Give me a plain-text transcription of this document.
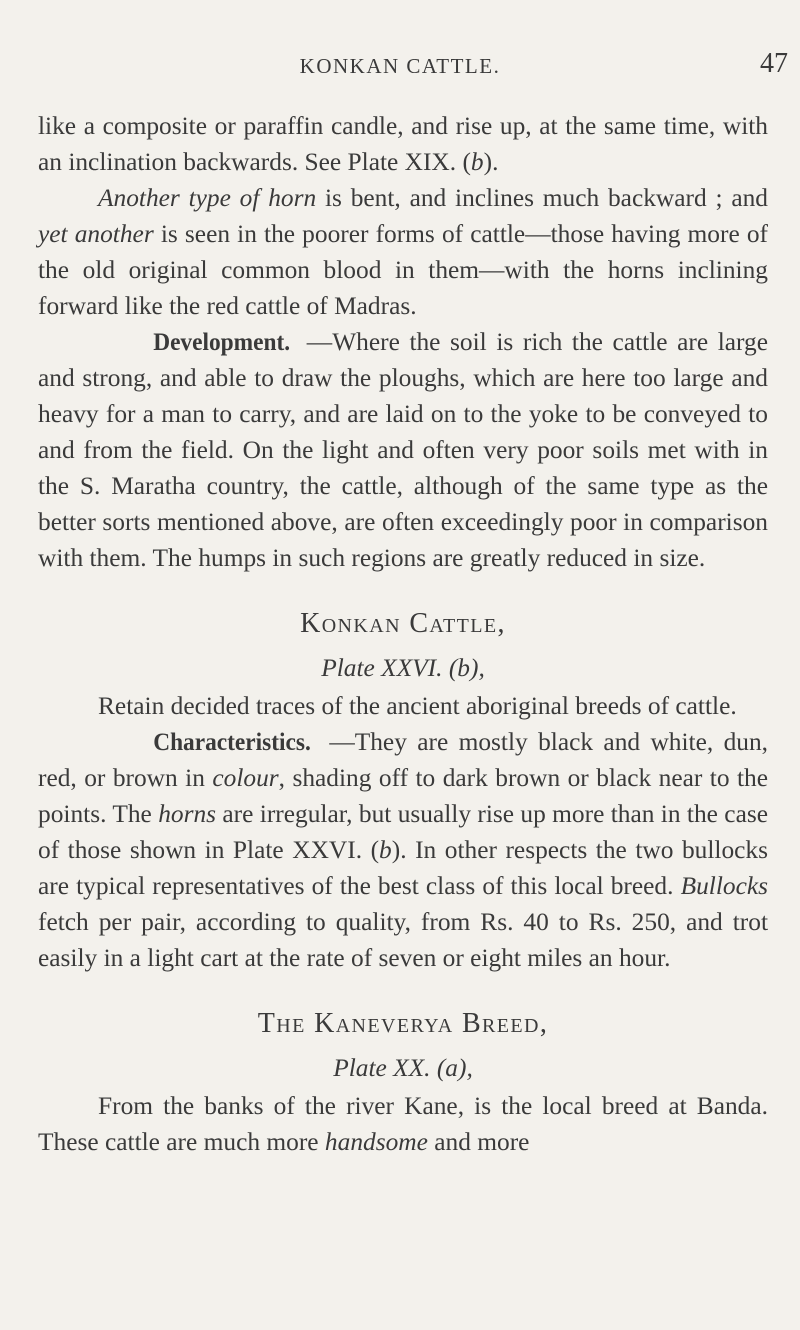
KONKAN CATTLE.	47

like a composite or paraffin candle, and rise up, at the same time, with an inclination backwards. See Plate XIX. (b).

Another type of horn is bent, and inclines much backward ; and yet another is seen in the poorer forms of cattle—those having more of the old original common blood in them—with the horns inclining forward like the red cattle of Madras.

Development. —Where the soil is rich the cattle are large and strong, and able to draw the ploughs, which are here too large and heavy for a man to carry, and are laid on to the yoke to be conveyed to and from the field. On the light and often very poor soils met with in the S. Maratha country, the cattle, although of the same type as the better sorts mentioned above, are often exceedingly poor in comparison with them. The humps in such regions are greatly reduced in size.

Konkan Cattle,

Plate XXVI. (b),

Retain decided traces of the ancient aboriginal breeds of cattle.

Characteristics. —They are mostly black and white, dun, red, or brown in colour, shading off to dark brown or black near to the points. The horns are irregular, but usually rise up more than in the case of those shown in Plate XXVI. (b). In other respects the two bullocks are typical representatives of the best class of this local breed. Bullocks fetch per pair, according to quality, from Rs. 40 to Rs. 250, and trot easily in a light cart at the rate of seven or eight miles an hour.

The Kaneverya Breed,

Plate XX. (a),

From the banks of the river Kane, is the local breed at Banda. These cattle are much more handsome and more
